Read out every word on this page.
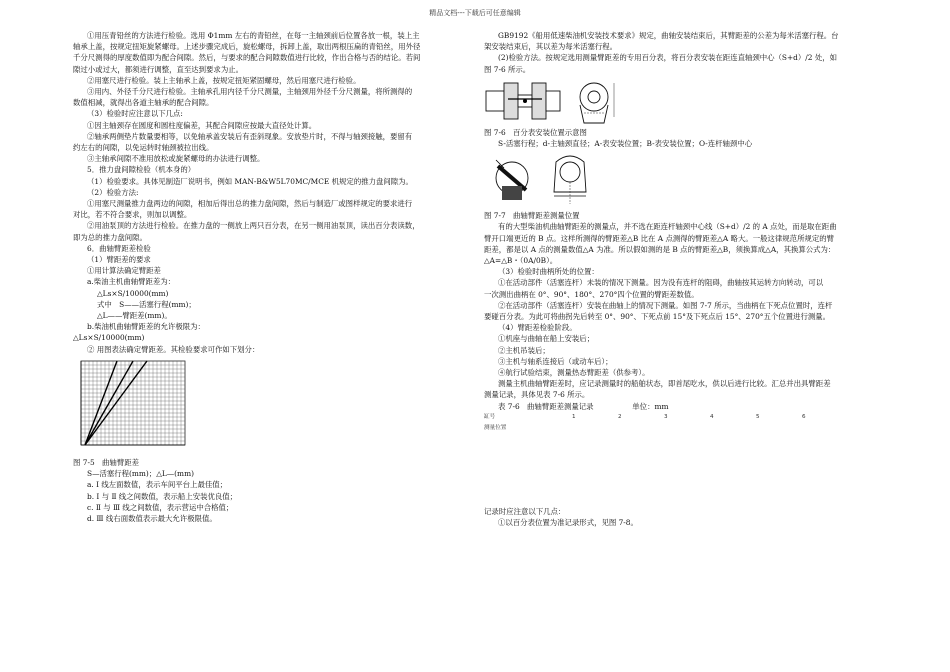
精品文档---下载后可任意编辑

①用压青铅丝的方法进行检验。选用 Φ1mm 左右的青铅丝，在每一主轴颈前后位置各放一根，装上主

轴承上盖，按规定扭矩旋紧螺母。上述步骤完成后，旋松螺母，拆卸上盖，取出两根压扁的青铅丝，用外径

千分尺测得的厚度数值即为配合间隙。然后，与要求的配合间隙数值进行比较，作出合格与否的结论。若间

隙过小或过大，都须进行调整，直至达到要求为止。

②用塞尺进行检验。装上主轴承上盖，按规定扭矩紧固螺母，然后用塞尺进行检验。

③用内、外径千分尺进行检验。主轴承孔用内径千分尺测量，主轴颈用外径千分尺测量，将所测得的

数值相减，就得出各道主轴承的配合间隙。

（3）检验时应注意以下几点:

①因主轴颈存在圆度和圆柱度偏差，其配合间隙应按最大直径处计算。

②轴承两侧垫片数量要相等，以免轴承盖安装后有歪斜现象。安放垫片时，不得与轴颈接触，要留有

约左右的间隙，以免运转时轴颈被拉出线。

③主轴承间隙不准用放松或旋紧螺母的办法进行调整。

5．推力盘间隙检验（机本身的）

（1）检验要求。具体见制造厂说明书，例如 MAN-B&W5L70MC/MCE 机规定的推力盘间隙为。

（2）检验方法:

①用塞尺测量推力盘两边的间隙，相加后得出总的推力盘间隙，然后与制造厂或图样规定的要求进行

对比，若不符合要求，则加以调整。

②用油泵顶的方法进行检验。在推力盘的一侧放上两只百分表，在另一侧用油泵顶，读出百分表读数，

即为总的推力盘间隙。

6．曲轴臂距差检验

（1）臂距差的要求

①用计算法确定臂距差

a.柴油主机曲轴臂距差为：

△Ls×S/10000(mm)

式中　S——活塞行程(mm)；

△L——臂距差(mm)。

b.柴油机曲轴臂距差的允许极限为：

△Ls×S/10000(mm)

② 用图表法确定臂距差。其检验要求可作如下划分：

图 7-5　曲轴臂距差

S—活塞行程(mm)；△L—(mm)

a. Ⅰ 线左面数值，表示车间平台上最佳值；

b. Ⅰ 与 Ⅱ 线之间数值，表示船上安装优良值；

c. Ⅱ 与 Ⅲ 线之间数值，表示营运中合格值；

d. Ⅲ 线右面数值表示最大允许极限值。

GB9192《船用低速柴油机安装技术要求》规定，曲轴安装结束后，其臂距差的公差为每米活塞行程。台

架安装结束后，其以差为每米活塞行程。

(2)检验方法。按规定选用测量臂距差的专用百分表，将百分表安装在距连直轴颈中心（S+d）/2 处，如

图 7-6 所示。

图 7-6　百分表安装位置示意图

S-活塞行程；d-主轴颈直径；A-表安装位置；B-表安装位置；O-连杆轴颈中心

图 7-7　曲轴臂距差测量位置

有的大型柴油机曲轴臂距差的测量点，并不选在距连杆轴颈中心线（S+d）/2 的 A 点处，而是取在距曲

臂开口端更近的 B 点。这样所测得的臂距差△B 比在 A 点测得的臂距差△A 略大。一般这律规范所规定的臂

距差，都是以 A 点的测量数值△A 为准。所以假如测的是 B 点的臂距差△B，须换算成△A，其换算公式为：

△A=△B・（0A/0B）。

（3）检验时曲柄所处的位置：

①在活动部件（活塞连杆）未装的情况下测量。因为没有连杆的阻碍，曲轴按其运转方向转动，可以

一次测出曲柄在 0°、90°、180°、270°四个位置的臂距差数值。

②在活动部件（活塞连杆）安装在曲轴上的情况下测量。如图 7-7 所示，当曲柄在下死点位置时，连杆

要碰百分表。为此可将曲拐先后转至 0°、90°、下死点前 15°及下死点后 15°、270°五个位置进行测量。

（4）臂距差检验阶段。

①机座与曲轴在船上安装后；

②主机吊装后；

③主机与轴系连接后（或动车后）；

④航行试验结束，测量热态臂距差（供参考）。

测量主机曲轴臂距差时，应记录测量时的船舶状态，即首尾吃水，供以后进行比较。汇总并出具臂距差

测量记录，具体见表 7-6 所示。

表 7-6　曲轴臂距差测量记录	单位：mm

缸号	1	2	3	4	5	6
测量位置						

记录时应注意以下几点：

①以百分表位置为准记录形式，见图 7-8。
